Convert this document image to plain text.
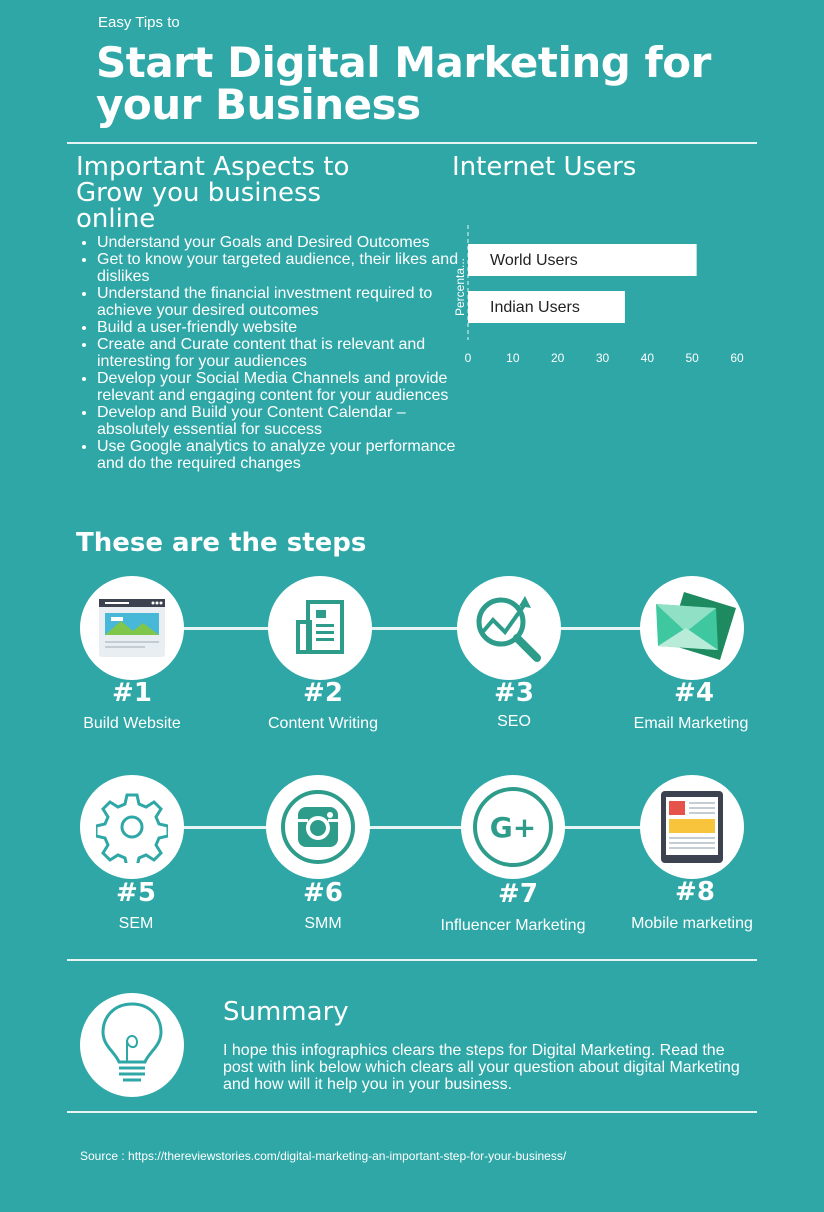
Easy Tips to
Start Digital Marketing for your Business
Important Aspects to Grow you business online
• Understand your Goals and Desired Outcomes
• Get to know your targeted audience, their likes and dislikes
• Understand the financial investment required to achieve your desired outcomes
• Build a user-friendly website
• Create and Curate content that is relevant and interesting for your audiences
• Develop your Social Media Channels and provide relevant and engaging content for your audiences
• Develop and Build your Content Calendar – absolutely essential for success
• Use Google analytics to analyze your performance and do the required changes
Internet Users
Percenta... World Users
Indian Users
0	10	20	30	40	50	60
These are the steps
#1	#2	#3	#4
Build Website	Content Writing	SEO	Email Marketing
G+
#5	#6	#7	#8
SEM	SMM	Influencer Marketing	Mobile marketing
Summary
I hope this infographics clears the steps for Digital Marketing. Read the post with link below which clears all your question about digital Marketing and how will it help you in your business.
Source : https://thereviewstories.com/digital-marketing-an-important-step-for-your-business/
